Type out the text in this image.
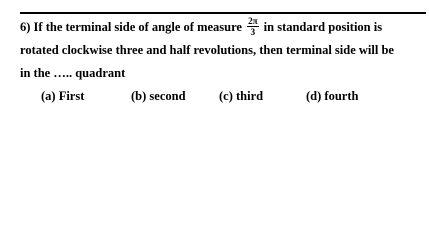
6) If the terminal side of angle of measure $\frac{2\pi}{3}$ in standard position is
rotated clockwise three and half revolutions, then terminal side will be
in the ….. quadrant
(a) First	(b) second	(c) third	(d) fourth
